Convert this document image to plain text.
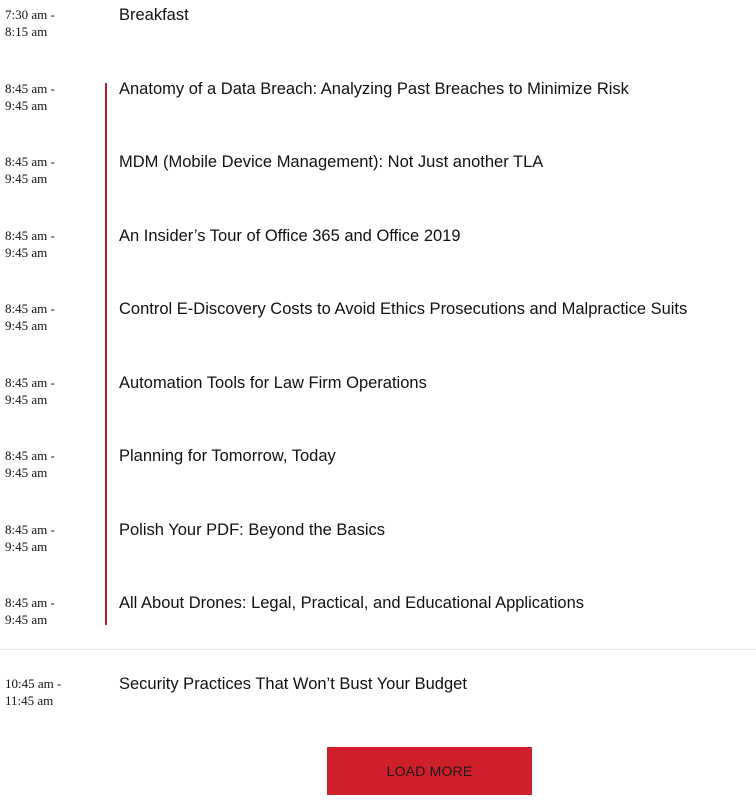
7:30 am -
8:15 am
Breakfast
8:45 am -
9:45 am
Anatomy of a Data Breach: Analyzing Past Breaches to Minimize Risk
8:45 am -
9:45 am
MDM (Mobile Device Management): Not Just another TLA
8:45 am -
9:45 am
An Insider’s Tour of Office 365 and Office 2019
8:45 am -
9:45 am
Control E-Discovery Costs to Avoid Ethics Prosecutions and Malpractice Suits
8:45 am -
9:45 am
Automation Tools for Law Firm Operations
8:45 am -
9:45 am
Planning for Tomorrow, Today
8:45 am -
9:45 am
Polish Your PDF: Beyond the Basics
8:45 am -
9:45 am
All About Drones: Legal, Practical, and Educational Applications
10:45 am -
11:45 am
Security Practices That Won’t Bust Your Budget
LOAD MORE
